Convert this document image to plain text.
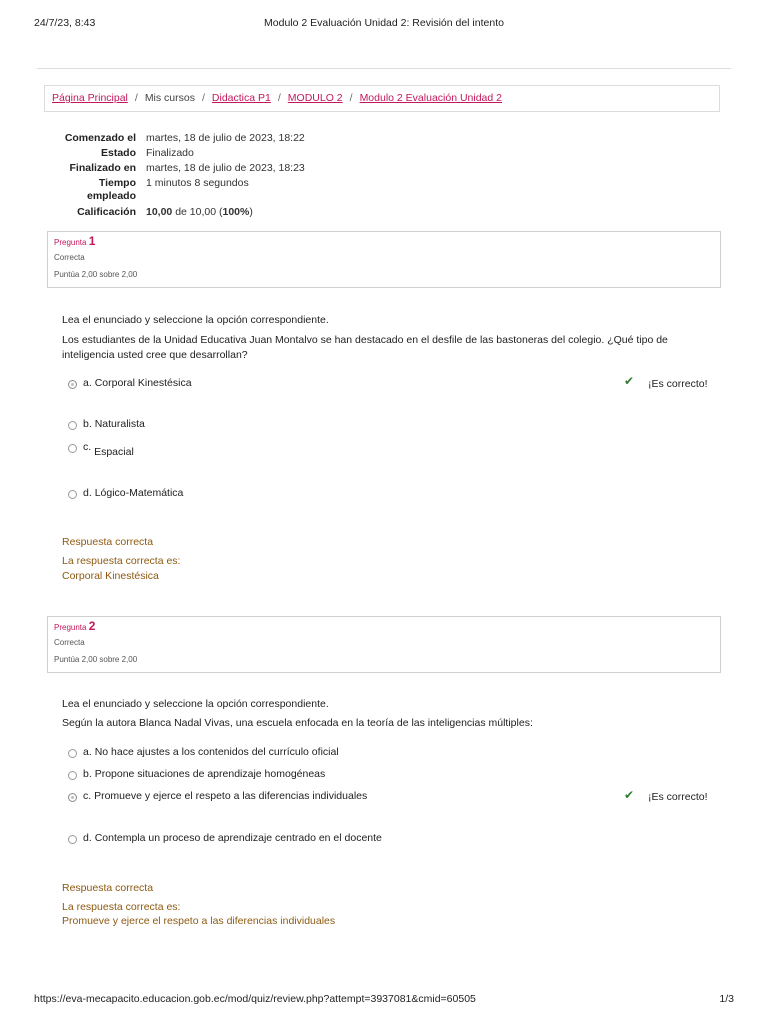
24/7/23, 8:43	Modulo 2 Evaluación Unidad 2: Revisión del intento
Página Principal / Mis cursos / Didactica P1 / MODULO 2 / Modulo 2 Evaluación Unidad 2
Comenzado el martes, 18 de julio de 2023, 18:22
Estado Finalizado
Finalizado en martes, 18 de julio de 2023, 18:23
Tiempo
empleado
1 minutos 8 segundos
Calificación 10,00 de 10,00 (100%)
Pregunta 1
Correcta
Puntúa 2,00 sobre 2,00
Lea el enunciado y seleccione la opción correspondiente.
Los estudiantes de la Unidad Educativa Juan Montalvo se han destacado en el desfile de las bastoneras del colegio. ¿Qué tipo de inteligencia usted cree que desarrollan?
a.
Corporal Kinestésica	✔ ¡Es correcto!
b.
Naturalista
c.
Espacial
d.
Lógico-Matemática
Respuesta correcta
La respuesta correcta es:
Corporal Kinestésica
Pregunta 2
Correcta
Puntúa 2,00 sobre 2,00
Lea el enunciado y seleccione la opción correspondiente.
Según la autora Blanca Nadal Vivas, una escuela enfocada en la teoría de las inteligencias múltiples:
a.
No hace ajustes a los contenidos del currículo oficial
b.
Propone situaciones de aprendizaje homogéneas
c.
Promueve y ejerce el respeto a las diferencias individuales	✔ ¡Es correcto!
d.
Contempla un proceso de aprendizaje centrado en el docente
Respuesta correcta
La respuesta correcta es:
Promueve y ejerce el respeto a las diferencias individuales
https://eva-mecapacito.educacion.gob.ec/mod/quiz/review.php?attempt=3937081&cmid=60505	1/3
